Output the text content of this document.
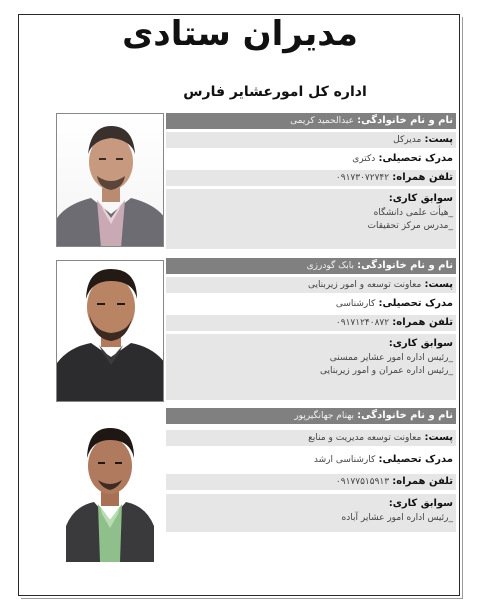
مدیران ستادی
اداره کل امورعشایر فارس
نام و نام خانوادگی: عبدالحمید کریمی
پست: مدیرکل
مدرک تحصیلی: دکتری
تلفن همراه: ۰۹۱۷۳۰۷۲۷۴۲
سوابق کاری:
_هیأت علمی دانشگاه
_مدرس مرکز تحقیقات
نام و نام خانوادگی: بابک گودرزی
پست: معاونت توسعه و امور زیربنایی
مدرک تحصیلی: کارشناسی
تلفن همراه: ۰۹۱۷۱۲۴۰۸۷۲
سوابق کاری:
_رئیس اداره امور عشایر ممسنی
_رئیس اداره عمران و امور زیربنایی
نام و نام خانوادگی: بهنام جهانگیرپور
پست: معاونت توسعه مدیریت و منابع
مدرک تحصیلی: کارشناسی ارشد
تلفن همراه: ۰۹۱۷۷۵۱۵۹۱۳
سوابق کاری:
_رئیس اداره امور عشایر آباده
